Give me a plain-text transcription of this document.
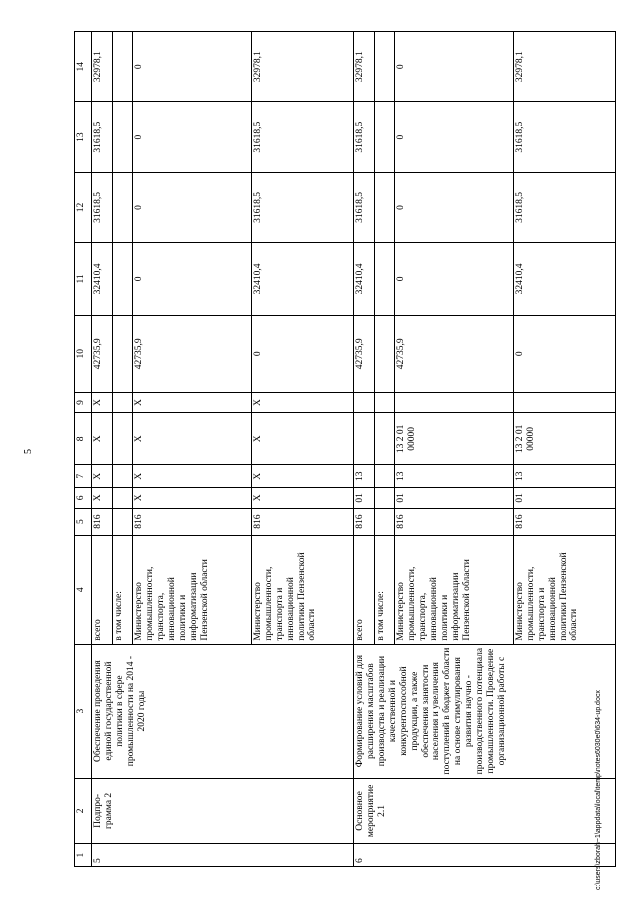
5
1	2	3	4	5	6	7	8	9	10	11	12	13	14
5	Подпро-грамма 2	Обеспечение проведения единой государственной политики в сфере промышленности на 2014 - 2020 годы	всего	816	X	X	X	X	42735,9	32410,4	31618,5	31618,5	32978,1
			в том числе:										
			Министерство промышленности, транспорта, инновационной политики и информатизации Пензенской области	816	X	X	X	X	42735,9	0	0	0	0
			Министерство промышленности, транспорта и инновационной политики Пензенской области	816	X	X	X	X	0	32410,4	31618,5	31618,5	32978,1
6	Основное мероприятие 2.1	Формирование условий для расширения масштабов производства и реализации качественной и конкурентоспособной продукции, а также обеспечения занятости населения и увеличения поступлений в бюджет области на основе стимулирования развития научно - производственного потенциала промышленности. Проведение организационной работы с	всего	816	01	13			42735,9	32410,4	31618,5	31618,5	32978,1
			в том числе:										
			Министерство промышленности, транспорта, инновационной политики и информатизации Пензенской области	816	01	13	13 2 01 00000		42735,9	0	0	0	0
			Министерство промышленности, транспорта и инновационной политики Пензенской области	816	01	13	13 2 01 00000		0	32410,4	31618,5	31618,5	32978,1
c:\users\zborah~1\appdata\local\temp\notes6030e0\634-up.docx
